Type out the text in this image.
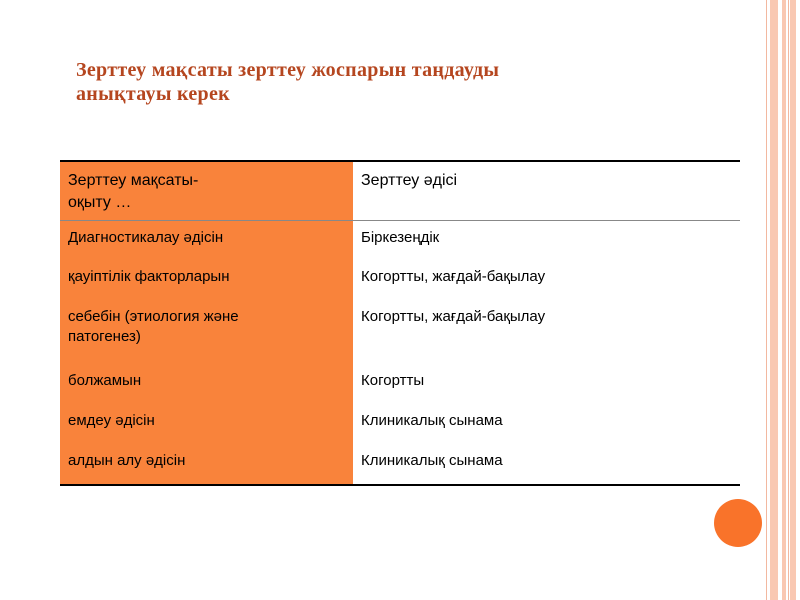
Зерттеу мақсаты зерттеу жоспарын таңдауды
анықтауы керек
Зерттеу мақсаты-
оқыту …
Зерттеу әдісі
Диагностикалау әдісін
қауіптілік факторларын
себебін (этиология және
патогенез)
болжамын
емдеу әдісін
алдын алу әдісін
Біркезеңдік
Когортты, жағдай-бақылау
Когортты, жағдай-бақылау
Когортты
Клиникалық сынама
Клиникалық сынама
